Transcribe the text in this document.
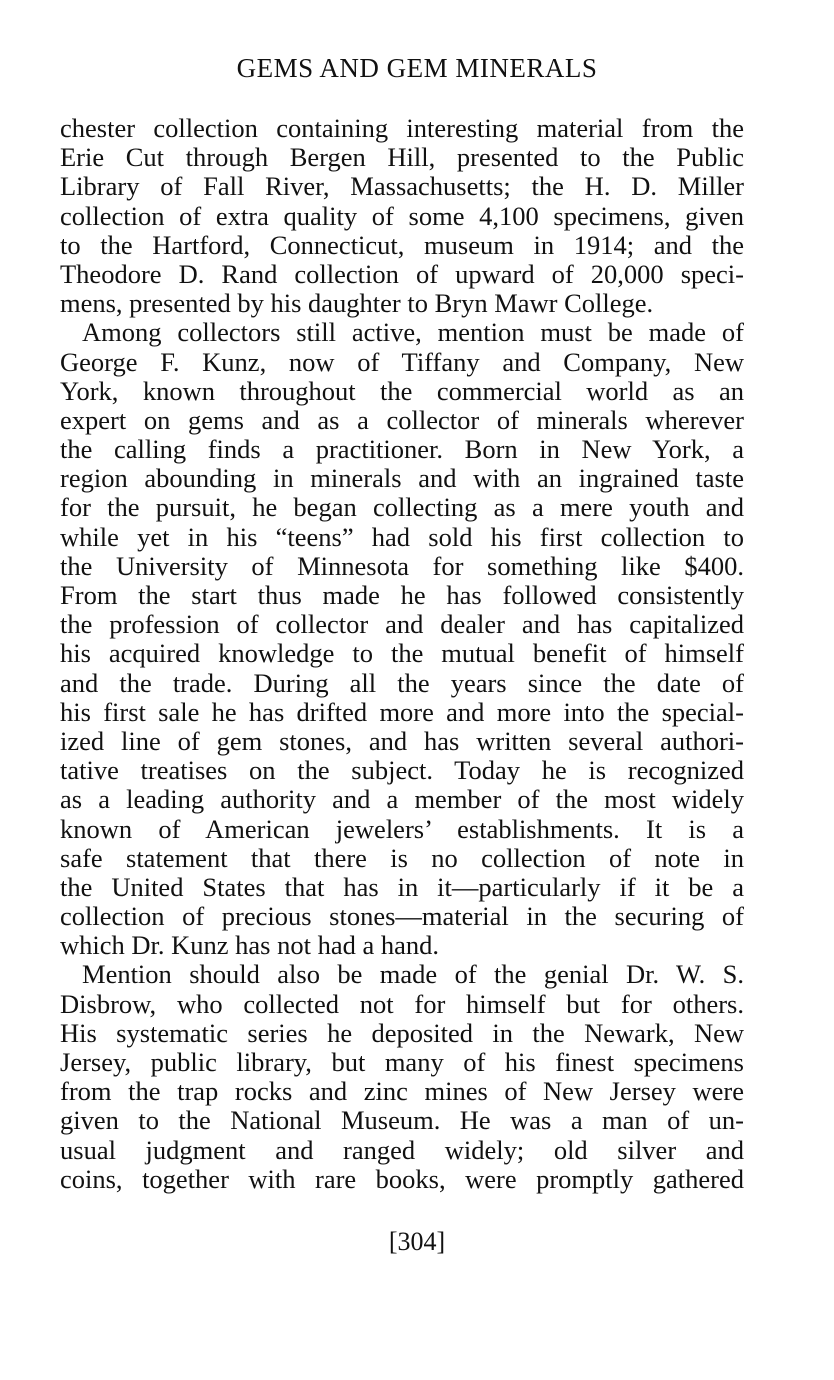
GEMS AND GEM MINERALS
chester collection containing interesting material from the
Erie Cut through Bergen Hill, presented to the Public
Library of Fall River, Massachusetts; the H. D. Miller
collection of extra quality of some 4,100 specimens, given
to the Hartford, Connecticut, museum in 1914; and the
Theodore D. Rand collection of upward of 20,000 speci-
mens, presented by his daughter to Bryn Mawr College.
Among collectors still active, mention must be made of
George F. Kunz, now of Tiffany and Company, New
York, known throughout the commercial world as an
expert on gems and as a collector of minerals wherever
the calling finds a practitioner. Born in New York, a
region abounding in minerals and with an ingrained taste
for the pursuit, he began collecting as a mere youth and
while yet in his “teens” had sold his first collection to
the University of Minnesota for something like $400.
From the start thus made he has followed consistently
the profession of collector and dealer and has capitalized
his acquired knowledge to the mutual benefit of himself
and the trade. During all the years since the date of
his first sale he has drifted more and more into the special-
ized line of gem stones, and has written several authori-
tative treatises on the subject. Today he is recognized
as a leading authority and a member of the most widely
known of American jewelers’ establishments. It is a
safe statement that there is no collection of note in
the United States that has in it—particularly if it be a
collection of precious stones—material in the securing of
which Dr. Kunz has not had a hand.
Mention should also be made of the genial Dr. W. S.
Disbrow, who collected not for himself but for others.
His systematic series he deposited in the Newark, New
Jersey, public library, but many of his finest specimens
from the trap rocks and zinc mines of New Jersey were
given to the National Museum. He was a man of un-
usual judgment and ranged widely; old silver and
coins, together with rare books, were promptly gathered
[304]
